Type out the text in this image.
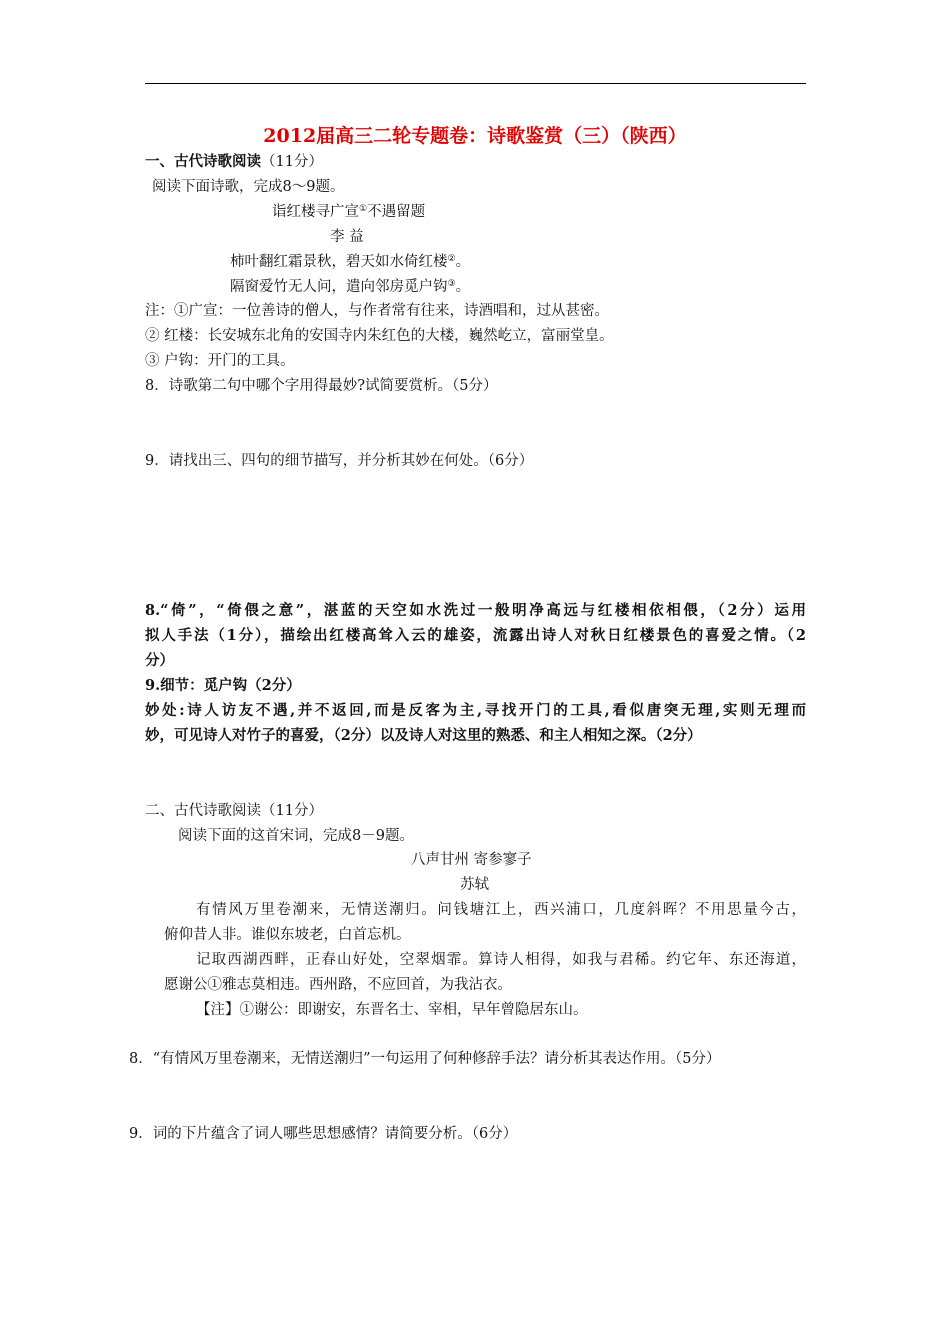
2012届高三二轮专题卷：诗歌鉴赏（三）（陕西）
一、古代诗歌阅读（11分）
阅读下面诗歌，完成8～9题。
诣红楼寻广宣①不遇留题
李 益
柿叶翻红霜景秋，碧天如水倚红楼②。
隔窗爱竹无人问，遣向邻房觅户钩③。
注：①广宣：一位善诗的僧人，与作者常有往来，诗酒唱和，过从甚密。
② 红楼：长安城东北角的安国寺内朱红色的大楼，巍然屹立，富丽堂皇。
③ 户钩：开门的工具。
8．诗歌第二句中哪个字用得最妙?试简要赏析。（5分）
9．请找出三、四句的细节描写，并分析其妙在何处。（6分）
8.“倚”，“倚偎之意”，湛蓝的天空如水洗过一般明净高远与红楼相依相偎，（2分）运用
拟人手法（1分），描绘出红楼高耸入云的雄姿，流露出诗人对秋日红楼景色的喜爱之情。（2
分）
9.细节：觅户钩（2分）
妙处:诗人访友不遇,并不返回,而是反客为主,寻找开门的工具,看似唐突无理,实则无理而
妙，可见诗人对竹子的喜爱，（2分）以及诗人对这里的熟悉、和主人相知之深。（2分）
二、古代诗歌阅读（11分）
阅读下面的这首宋词，完成8－9题。
八声甘州 寄参寥子
苏轼
有情风万里卷潮来，无情送潮归。问钱塘江上，西兴浦口，几度斜晖？不用思量今古，
俯仰昔人非。谁似东坡老，白首忘机。
记取西湖西畔，正春山好处，空翠烟霏。算诗人相得，如我与君稀。约它年、东还海道，
愿谢公①雅志莫相违。西州路，不应回首，为我沾衣。
【注】①谢公：即谢安，东晋名士、宰相，早年曾隐居东山。
8．“有情风万里卷潮来，无情送潮归”一句运用了何种修辞手法？请分析其表达作用。（5分）
9．词的下片蕴含了词人哪些思想感情？请简要分析。（6分）
